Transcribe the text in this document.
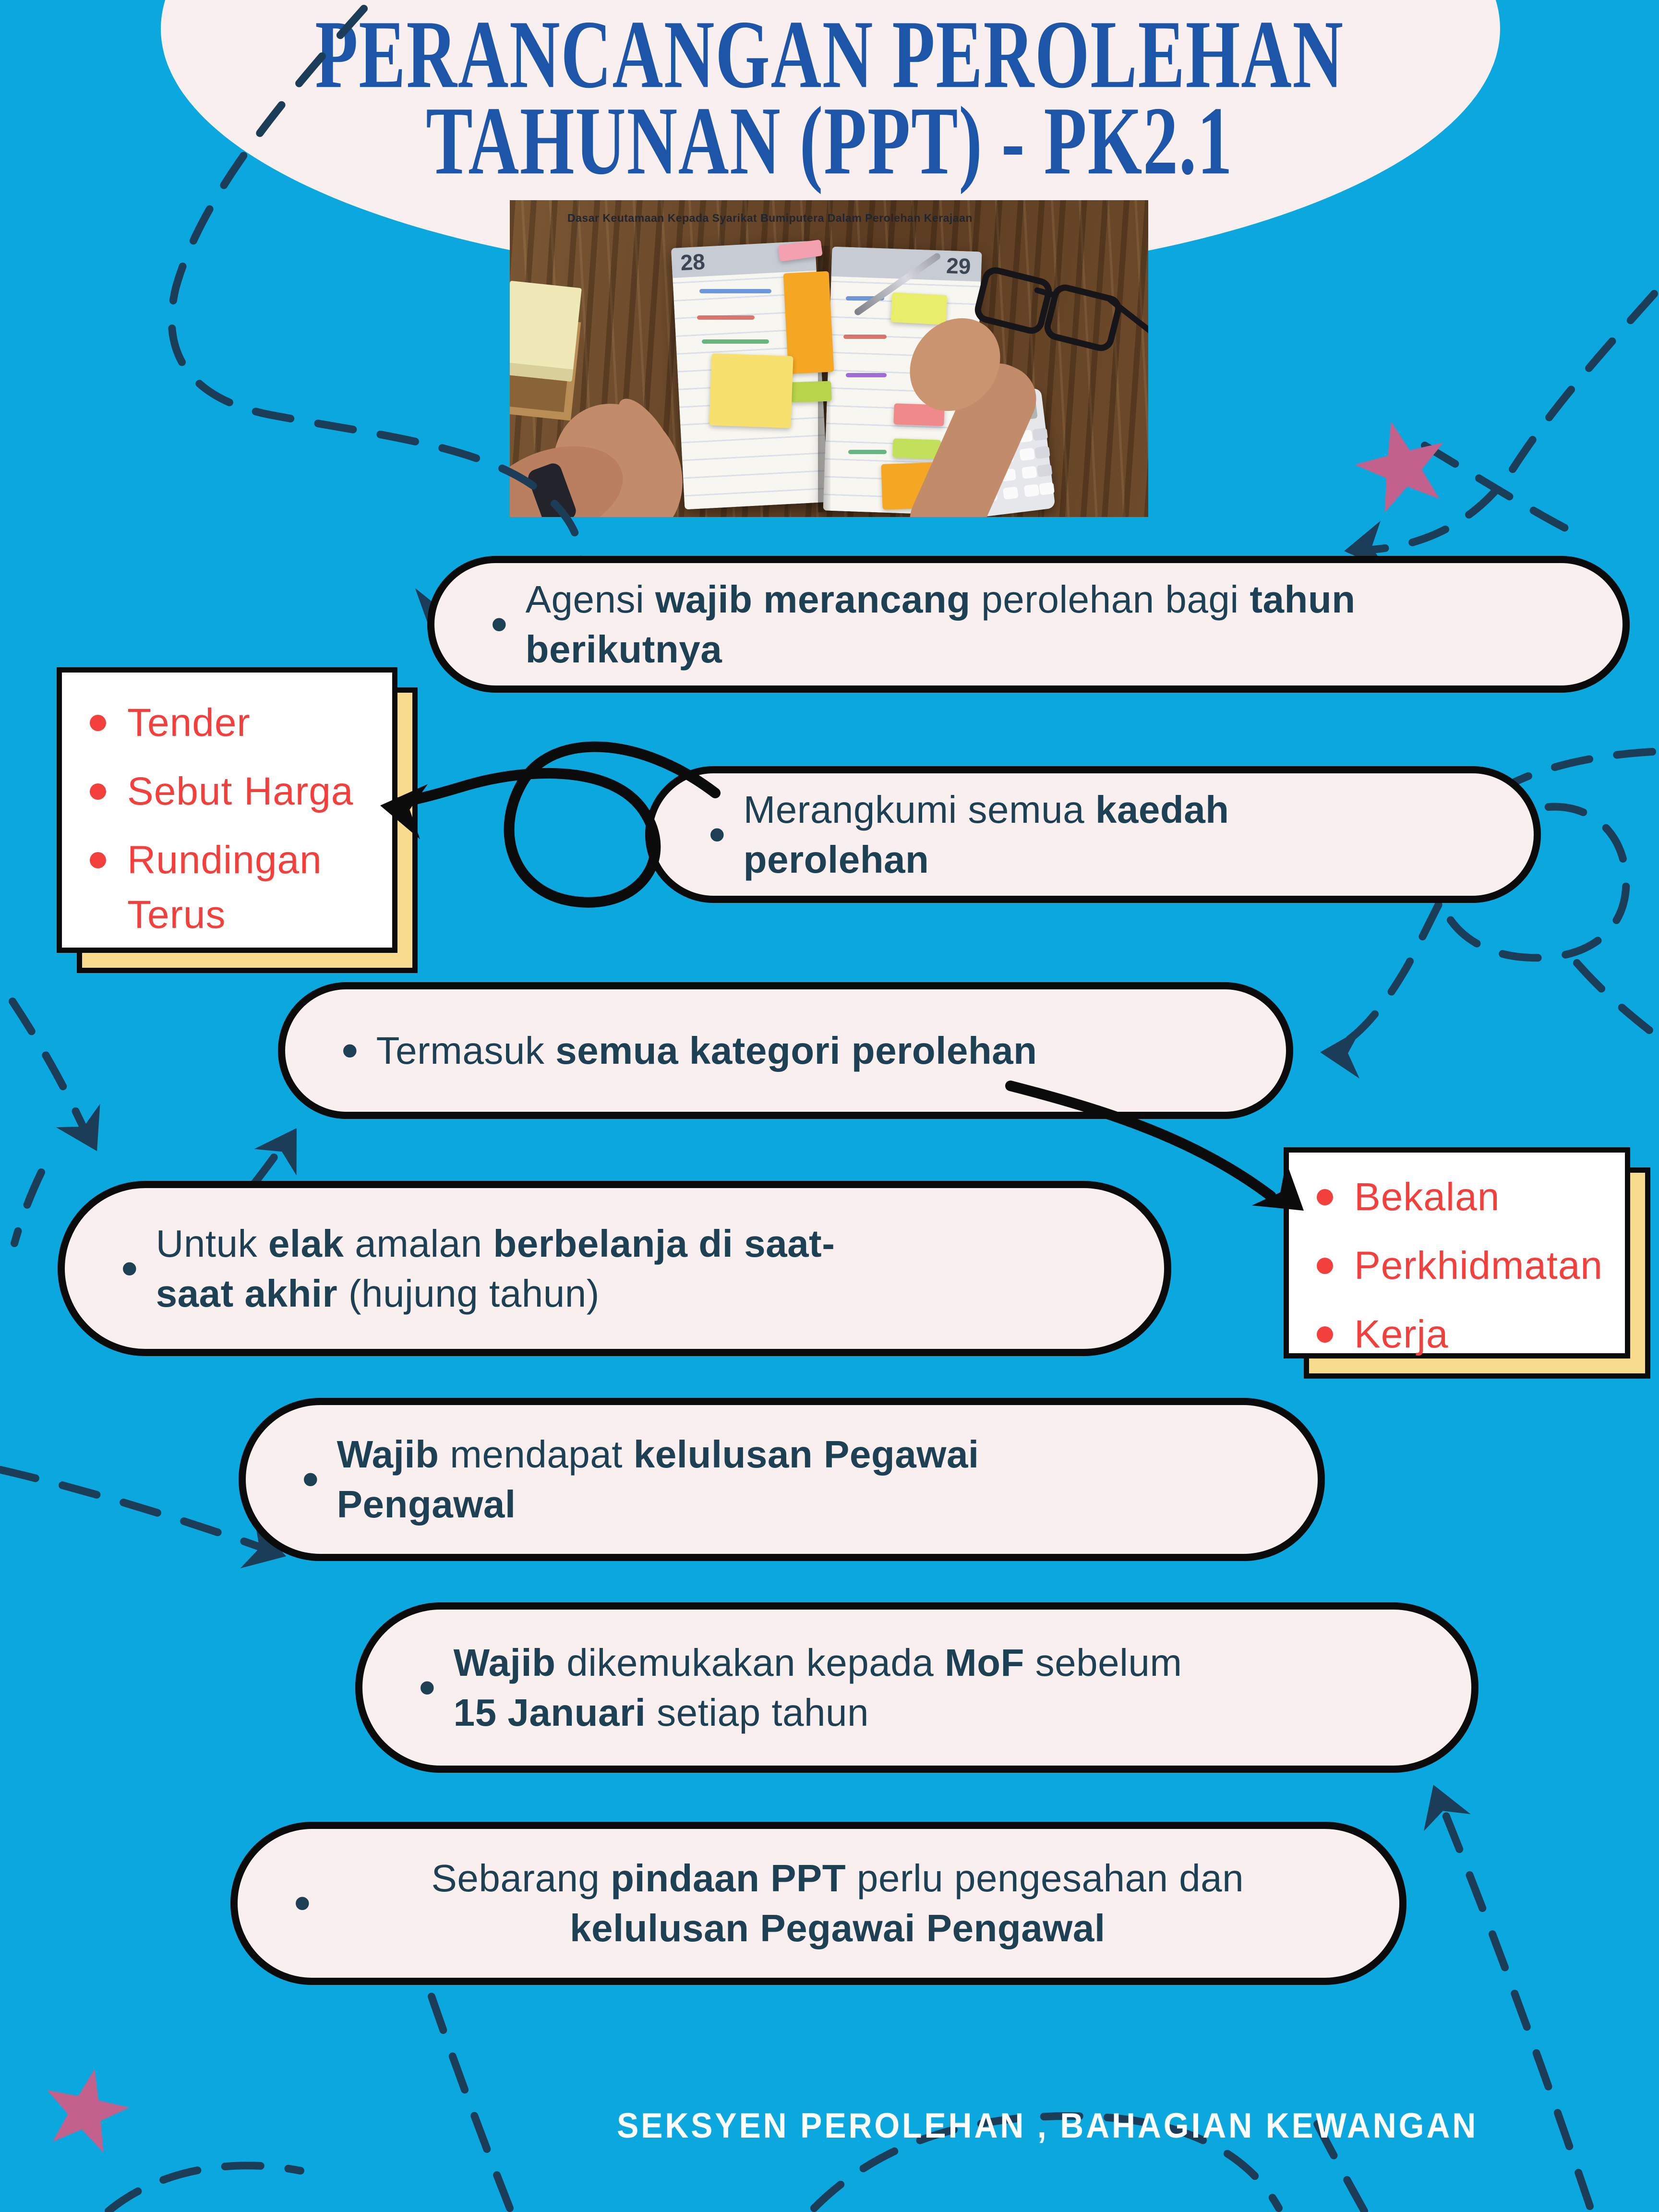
PERANCANGAN PEROLEHAN
TAHUNAN (PPT) - PK2.1
28	29
Dasar Keutamaan Kepada Syarikat Bumiputera Dalam Perolehan Kerajaan
Tender
Sebut Harga
Rundingan Terus
Bekalan
Perkhidmatan
Kerja
• Agensi wajib merancang perolehan bagi tahun
berikutnya
• Merangkumi semua kaedah
perolehan
• Termasuk semua kategori perolehan
• Untuk elak amalan berbelanja di saat-
saat akhir (hujung tahun)
• Wajib mendapat kelulusan Pegawai
Pengawal
• Wajib dikemukakan kepada MoF sebelum
15 Januari setiap tahun
•	Sebarang pindaan PPT perlu pengesahan dan
kelulusan Pegawai Pengawal
SEKSYEN PEROLEHAN , BAHAGIAN KEWANGAN
